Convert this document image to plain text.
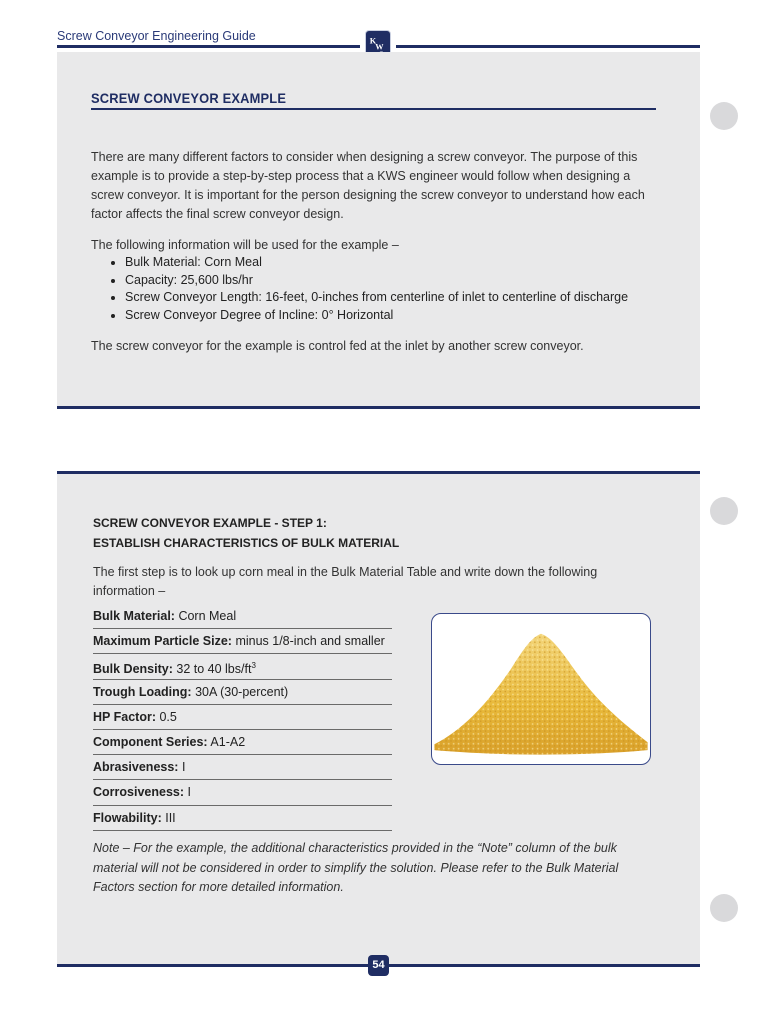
Screw Conveyor Engineering Guide	K
W
SCREW CONVEYOR EXAMPLE
There are many different factors to consider when designing a screw conveyor. The purpose of this example is to provide a step-by-step process that a KWS engineer would follow when designing a screw conveyor. It is important for the person designing the screw conveyor to understand how each factor affects the final screw conveyor design.
The following information will be used for the example –
• Bulk Material: Corn Meal
• Capacity: 25,600 lbs/hr
• Screw Conveyor Length: 16-feet, 0-inches from centerline of inlet to centerline of discharge
• Screw Conveyor Degree of Incline: 0° Horizontal
The screw conveyor for the example is control fed at the inlet by another screw conveyor.
SCREW CONVEYOR EXAMPLE - STEP 1:
ESTABLISH CHARACTERISTICS OF BULK MATERIAL
The first step is to look up corn meal in the Bulk Material Table and write down the following information –
Bulk Material: Corn Meal
Maximum Particle Size: minus 1/8-inch and smaller
Bulk Density: 32 to 40 lbs/$ft^3$
Trough Loading: 30A (30-percent)
HP Factor: 0.5
Component Series: A1-A2
Abrasiveness: I
Corrosiveness: I
Flowability: III
Note – For the example, the additional characteristics provided in the “Note” column of the bulk material will not be considered in order to simplify the solution. Please refer to the Bulk Material Factors section for more detailed information.
54
